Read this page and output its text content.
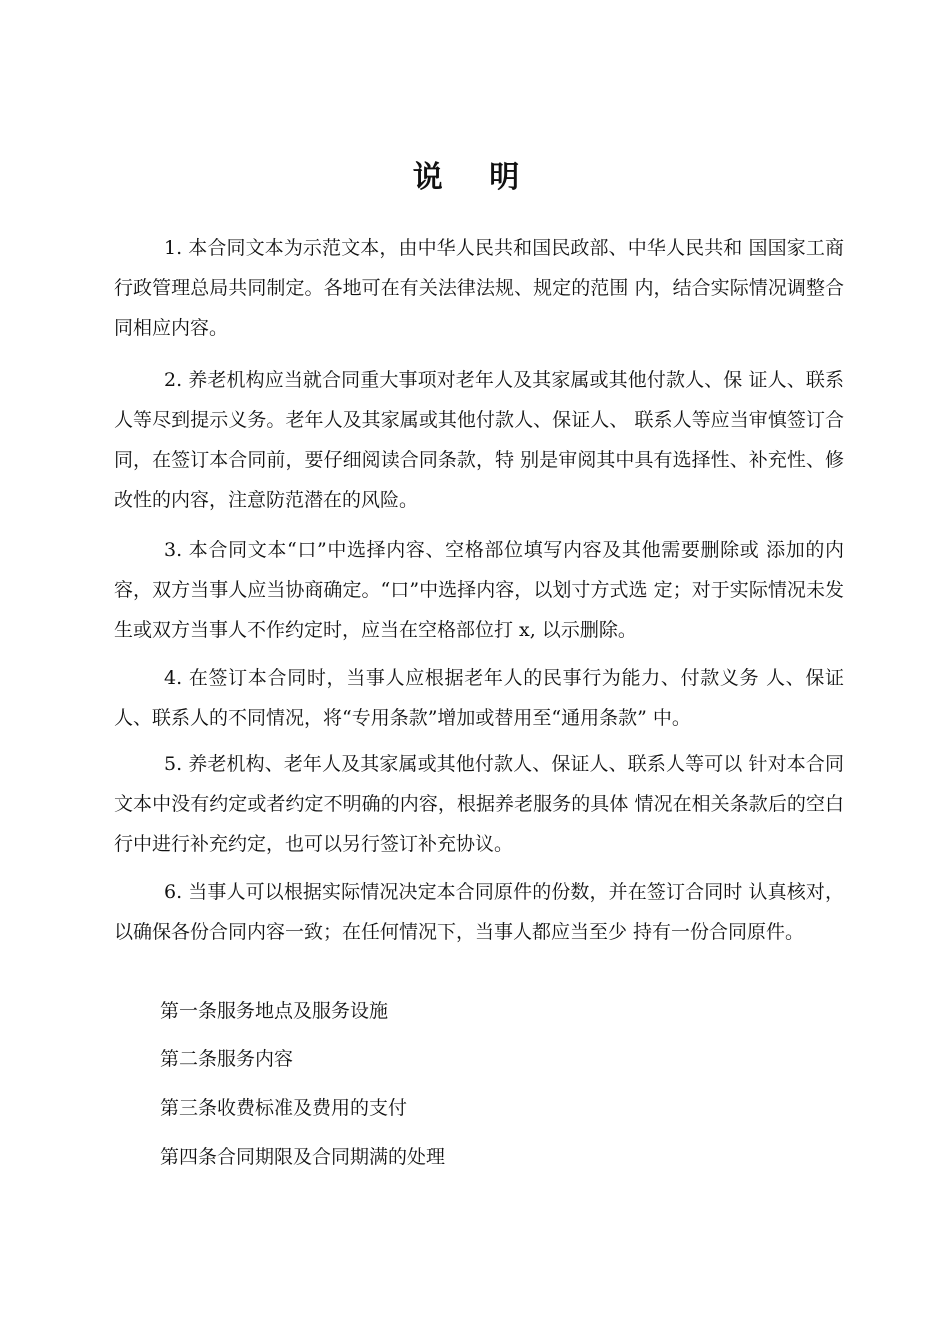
说 明
1. 本合同文本为示范文本，由中华人民共和国民政部、中华人民共和 国国家工商行政管理总局共同制定。各地可在有关法律法规、规定的范围 内，结合实际情况调整合同相应内容。
2. 养老机构应当就合同重大事项对老年人及其家属或其他付款人、保 证人、联系人等尽到提示义务。老年人及其家属或其他付款人、保证人、 联系人等应当审慎签订合同，在签订本合同前，要仔细阅读合同条款，特 别是审阅其中具有选择性、补充性、修改性的内容，注意防范潜在的风险。
3. 本合同文本“口”中选择内容、空格部位填写内容及其他需要删除或 添加的内容，双方当事人应当协商确定。“口”中选择内容，以划寸方式选 定；对于实际情况未发生或双方当事人不作约定时，应当在空格部位打 x, 以示删除。
4. 在签订本合同时，当事人应根据老年人的民事行为能力、付款义务 人、保证人、联系人的不同情况，将“专用条款”增加或替用至“通用条款” 中。
5. 养老机构、老年人及其家属或其他付款人、保证人、联系人等可以 针对本合同文本中没有约定或者约定不明确的内容，根据养老服务的具体 情况在相关条款后的空白行中进行补充约定，也可以另行签订补充协议。
6. 当事人可以根据实际情况决定本合同原件的份数，并在签订合同时 认真核对，以确保各份合同内容一致；在任何情况下，当事人都应当至少 持有一份合同原件。
第一条服务地点及服务设施
第二条服务内容
第三条收费标准及费用的支付
第四条合同期限及合同期满的处理
